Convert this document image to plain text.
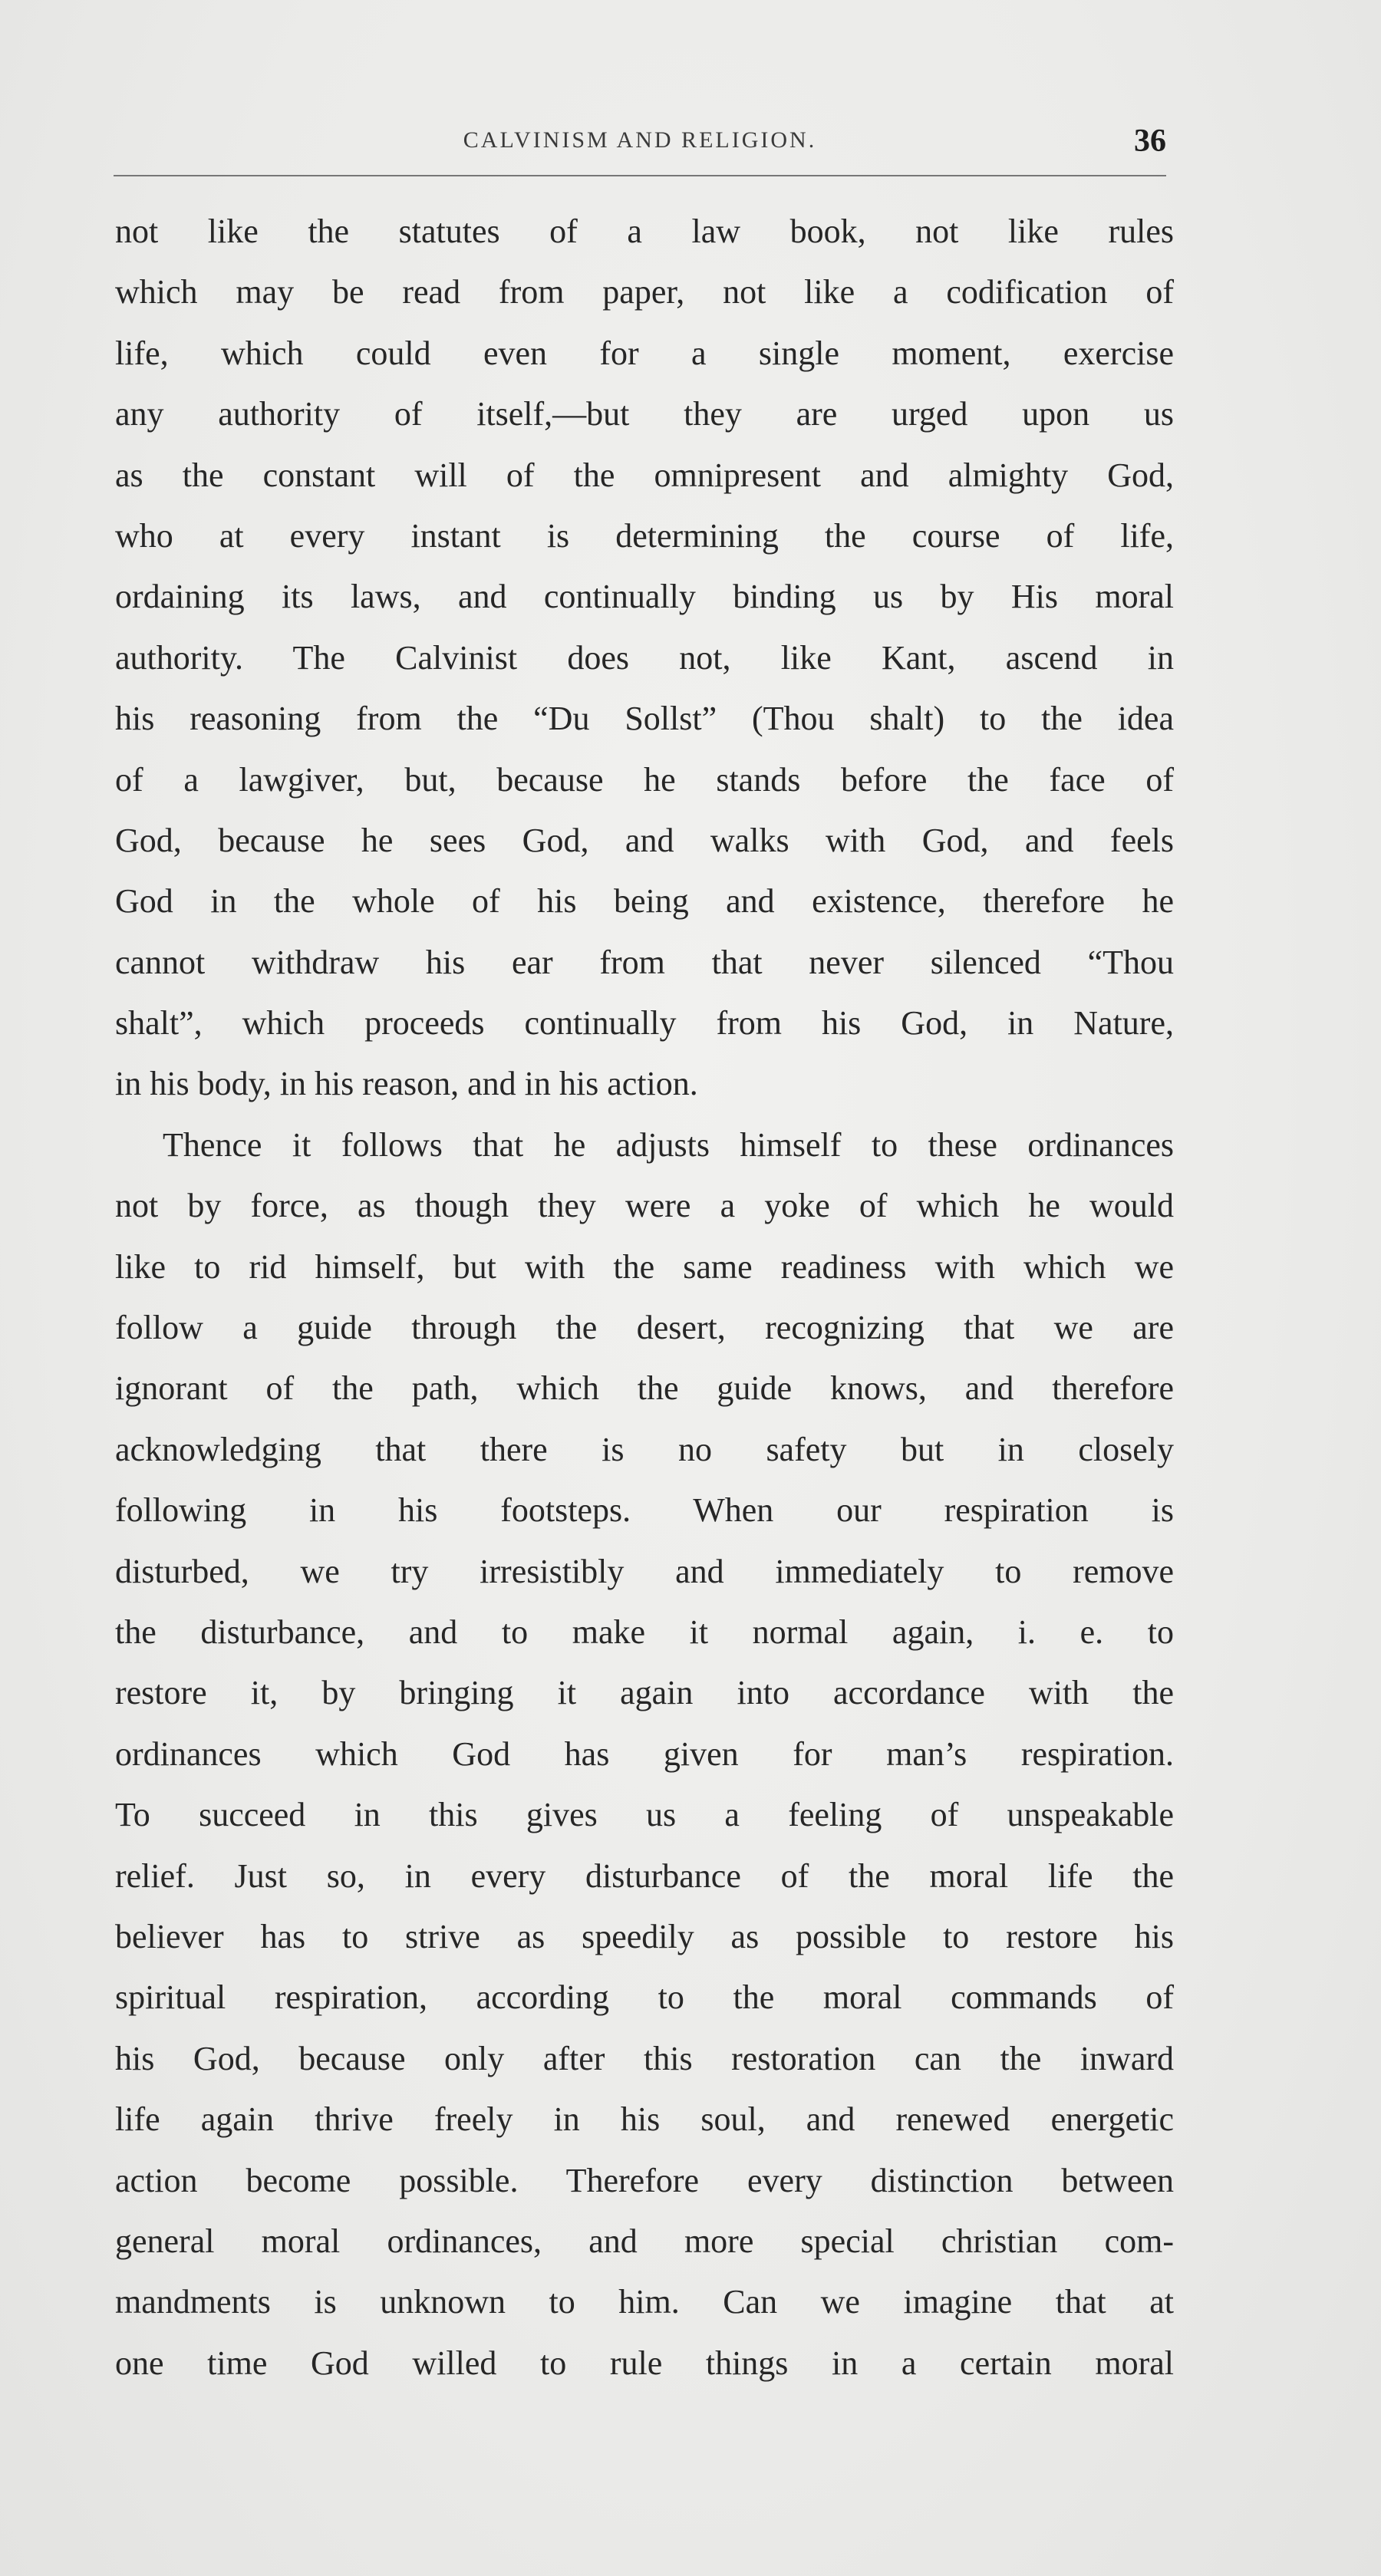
CALVINISM AND RELIGION.	36
not like the statutes of a law book, not like rules
which may be read from paper, not like a codification of
life, which could even for a single moment, exercise
any authority of itself,—but they are urged upon us
as the constant will of the omnipresent and almighty God,
who at every instant is determining the course of life,
ordaining its laws, and continually binding us by His moral
authority. The Calvinist does not, like Kant, ascend in
his reasoning from the “Du Sollst” (Thou shalt) to the idea
of a lawgiver, but, because he stands before the face of
God, because he sees God, and walks with God, and feels
God in the whole of his being and existence, therefore he
cannot withdraw his ear from that never silenced “Thou
shalt”, which proceeds continually from his God, in Nature,
in his body, in his reason, and in his action.
Thence it follows that he adjusts himself to these ordinances
not by force, as though they were a yoke of which he would
like to rid himself, but with the same readiness with which we
follow a guide through the desert, recognizing that we are
ignorant of the path, which the guide knows, and therefore
acknowledging that there is no safety but in closely
following in his footsteps. When our respiration is
disturbed, we try irresistibly and immediately to remove
the disturbance, and to make it normal again, i. e. to
restore it, by bringing it again into accordance with the
ordinances which God has given for man’s respiration.
To succeed in this gives us a feeling of unspeakable
relief. Just so, in every disturbance of the moral life the
believer has to strive as speedily as possible to restore his
spiritual respiration, according to the moral commands of
his God, because only after this restoration can the inward
life again thrive freely in his soul, and renewed energetic
action become possible. Therefore every distinction between
general moral ordinances, and more special christian com-
mandments is unknown to him. Can we imagine that at
one time God willed to rule things in a certain moral
